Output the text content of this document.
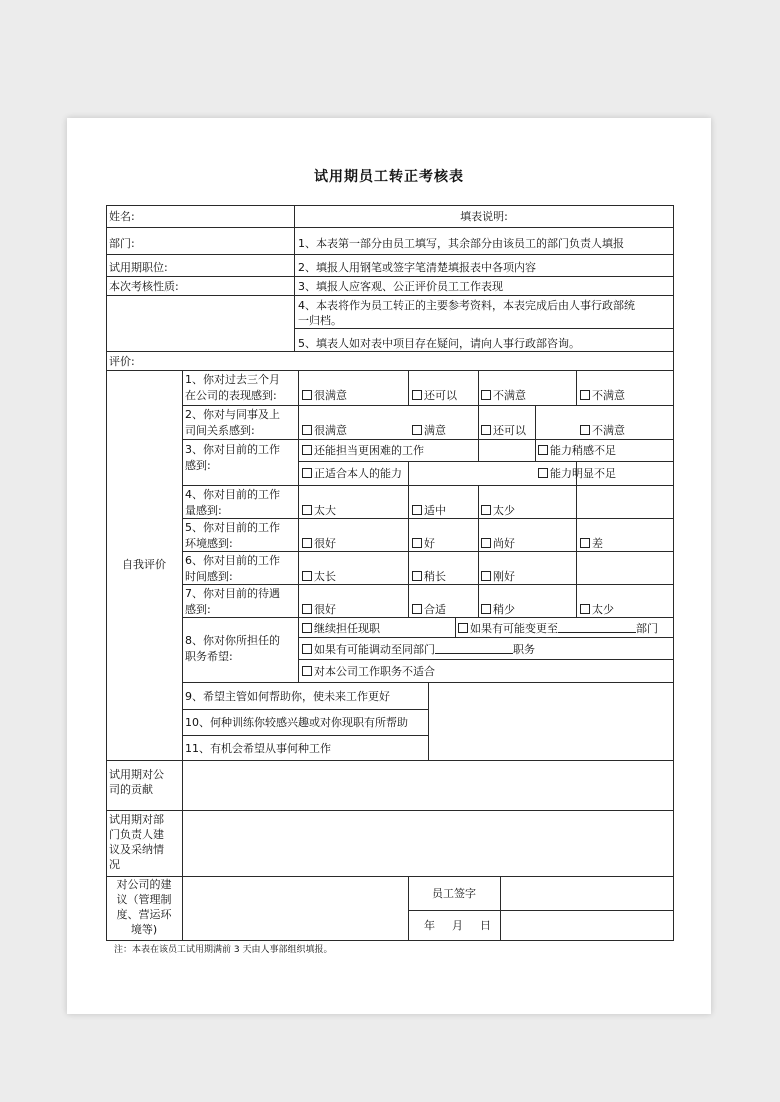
试用期员工转正考核表
姓名:	填表说明:
部门:	1、本表第一部分由员工填写，其余部分由该员工的部门负责人填报
试用期职位:	2、填报人用钢笔或签字笔清楚填报表中各项内容
本次考核性质:	3、填报人应客观、公正评价员工工作表现
4、本表将作为员工转正的主要参考资料，本表完成后由人事行政部统
一归档。
5、填表人如对表中项目存在疑问，请向人事行政部咨询。
评价:
自我评价
1、你对过去三个月
在公司的表现感到:	很满意	还可以	不满意	不满意
2、你对与同事及上
司间关系感到:	很满意	满意	还可以	不满意
3、你对目前的工作
感到:
还能担当更困难的工作	能力稍感不足
正适合本人的能力	能力明显不足
4、你对目前的工作
量感到:	太大	适中	太少
5、你对目前的工作
环境感到:	很好	好	尚好	差
6、你对目前的工作
时间感到:	太长	稍长	刚好
7、你对目前的待遇
感到:	很好	合适	稍少	太少
8、你对你所担任的
职务希望:
继续担任现职	如果有可能变更至	部门
如果有可能调动至同部门	职务
对本公司工作职务不适合
9、希望主管如何帮助你，使未来工作更好
10、何种训练你较感兴趣或对你现职有所帮助
11、有机会希望从事何种工作
试用期对公
司的贡献
试用期对部
门负责人建
议及采纳情
况
对公司的建
议（管理制
度、营运环
境等)
员工签字
年 月 日
注：本表在该员工试用期满前 3 天由人事部组织填报。
